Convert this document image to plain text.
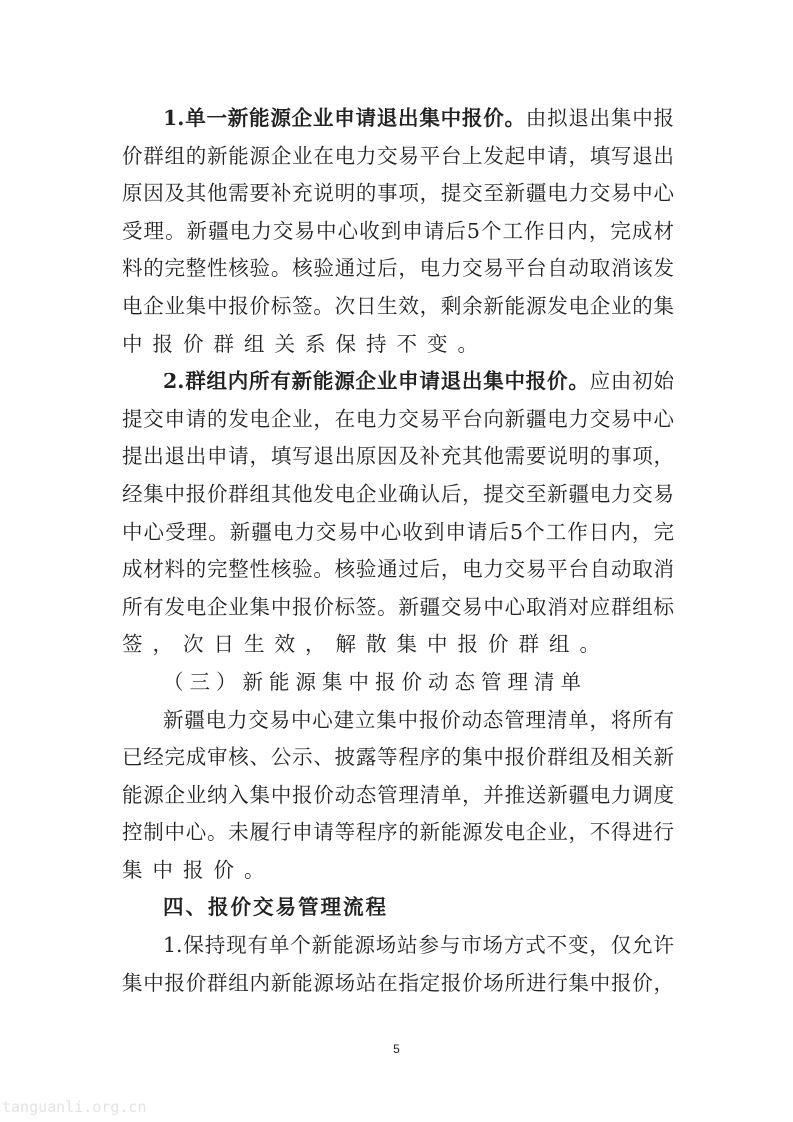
1.单一新能源企业申请退出集中报价。由拟退出集中报
价群组的新能源企业在电力交易平台上发起申请，填写退出
原因及其他需要补充说明的事项，提交至新疆电力交易中心
受理。新疆电力交易中心收到申请后5个工作日内，完成材
料的完整性核验。核验通过后，电力交易平台自动取消该发
电企业集中报价标签。次日生效，剩余新能源发电企业的集
中报价群组关系保持不变。
2.群组内所有新能源企业申请退出集中报价。应由初始
提交申请的发电企业，在电力交易平台向新疆电力交易中心
提出退出申请，填写退出原因及补充其他需要说明的事项，
经集中报价群组其他发电企业确认后，提交至新疆电力交易
中心受理。新疆电力交易中心收到申请后5个工作日内，完
成材料的完整性核验。核验通过后，电力交易平台自动取消
所有发电企业集中报价标签。新疆交易中心取消对应群组标
签，次日生效，解散集中报价群组。
（三）新能源集中报价动态管理清单
新疆电力交易中心建立集中报价动态管理清单，将所有
已经完成审核、公示、披露等程序的集中报价群组及相关新
能源企业纳入集中报价动态管理清单，并推送新疆电力调度
控制中心。未履行申请等程序的新能源发电企业，不得进行
集中报价。
四、报价交易管理流程
1.保持现有单个新能源场站参与市场方式不变，仅允许
集中报价群组内新能源场站在指定报价场所进行集中报价，
5
tanguanli.org.cn
